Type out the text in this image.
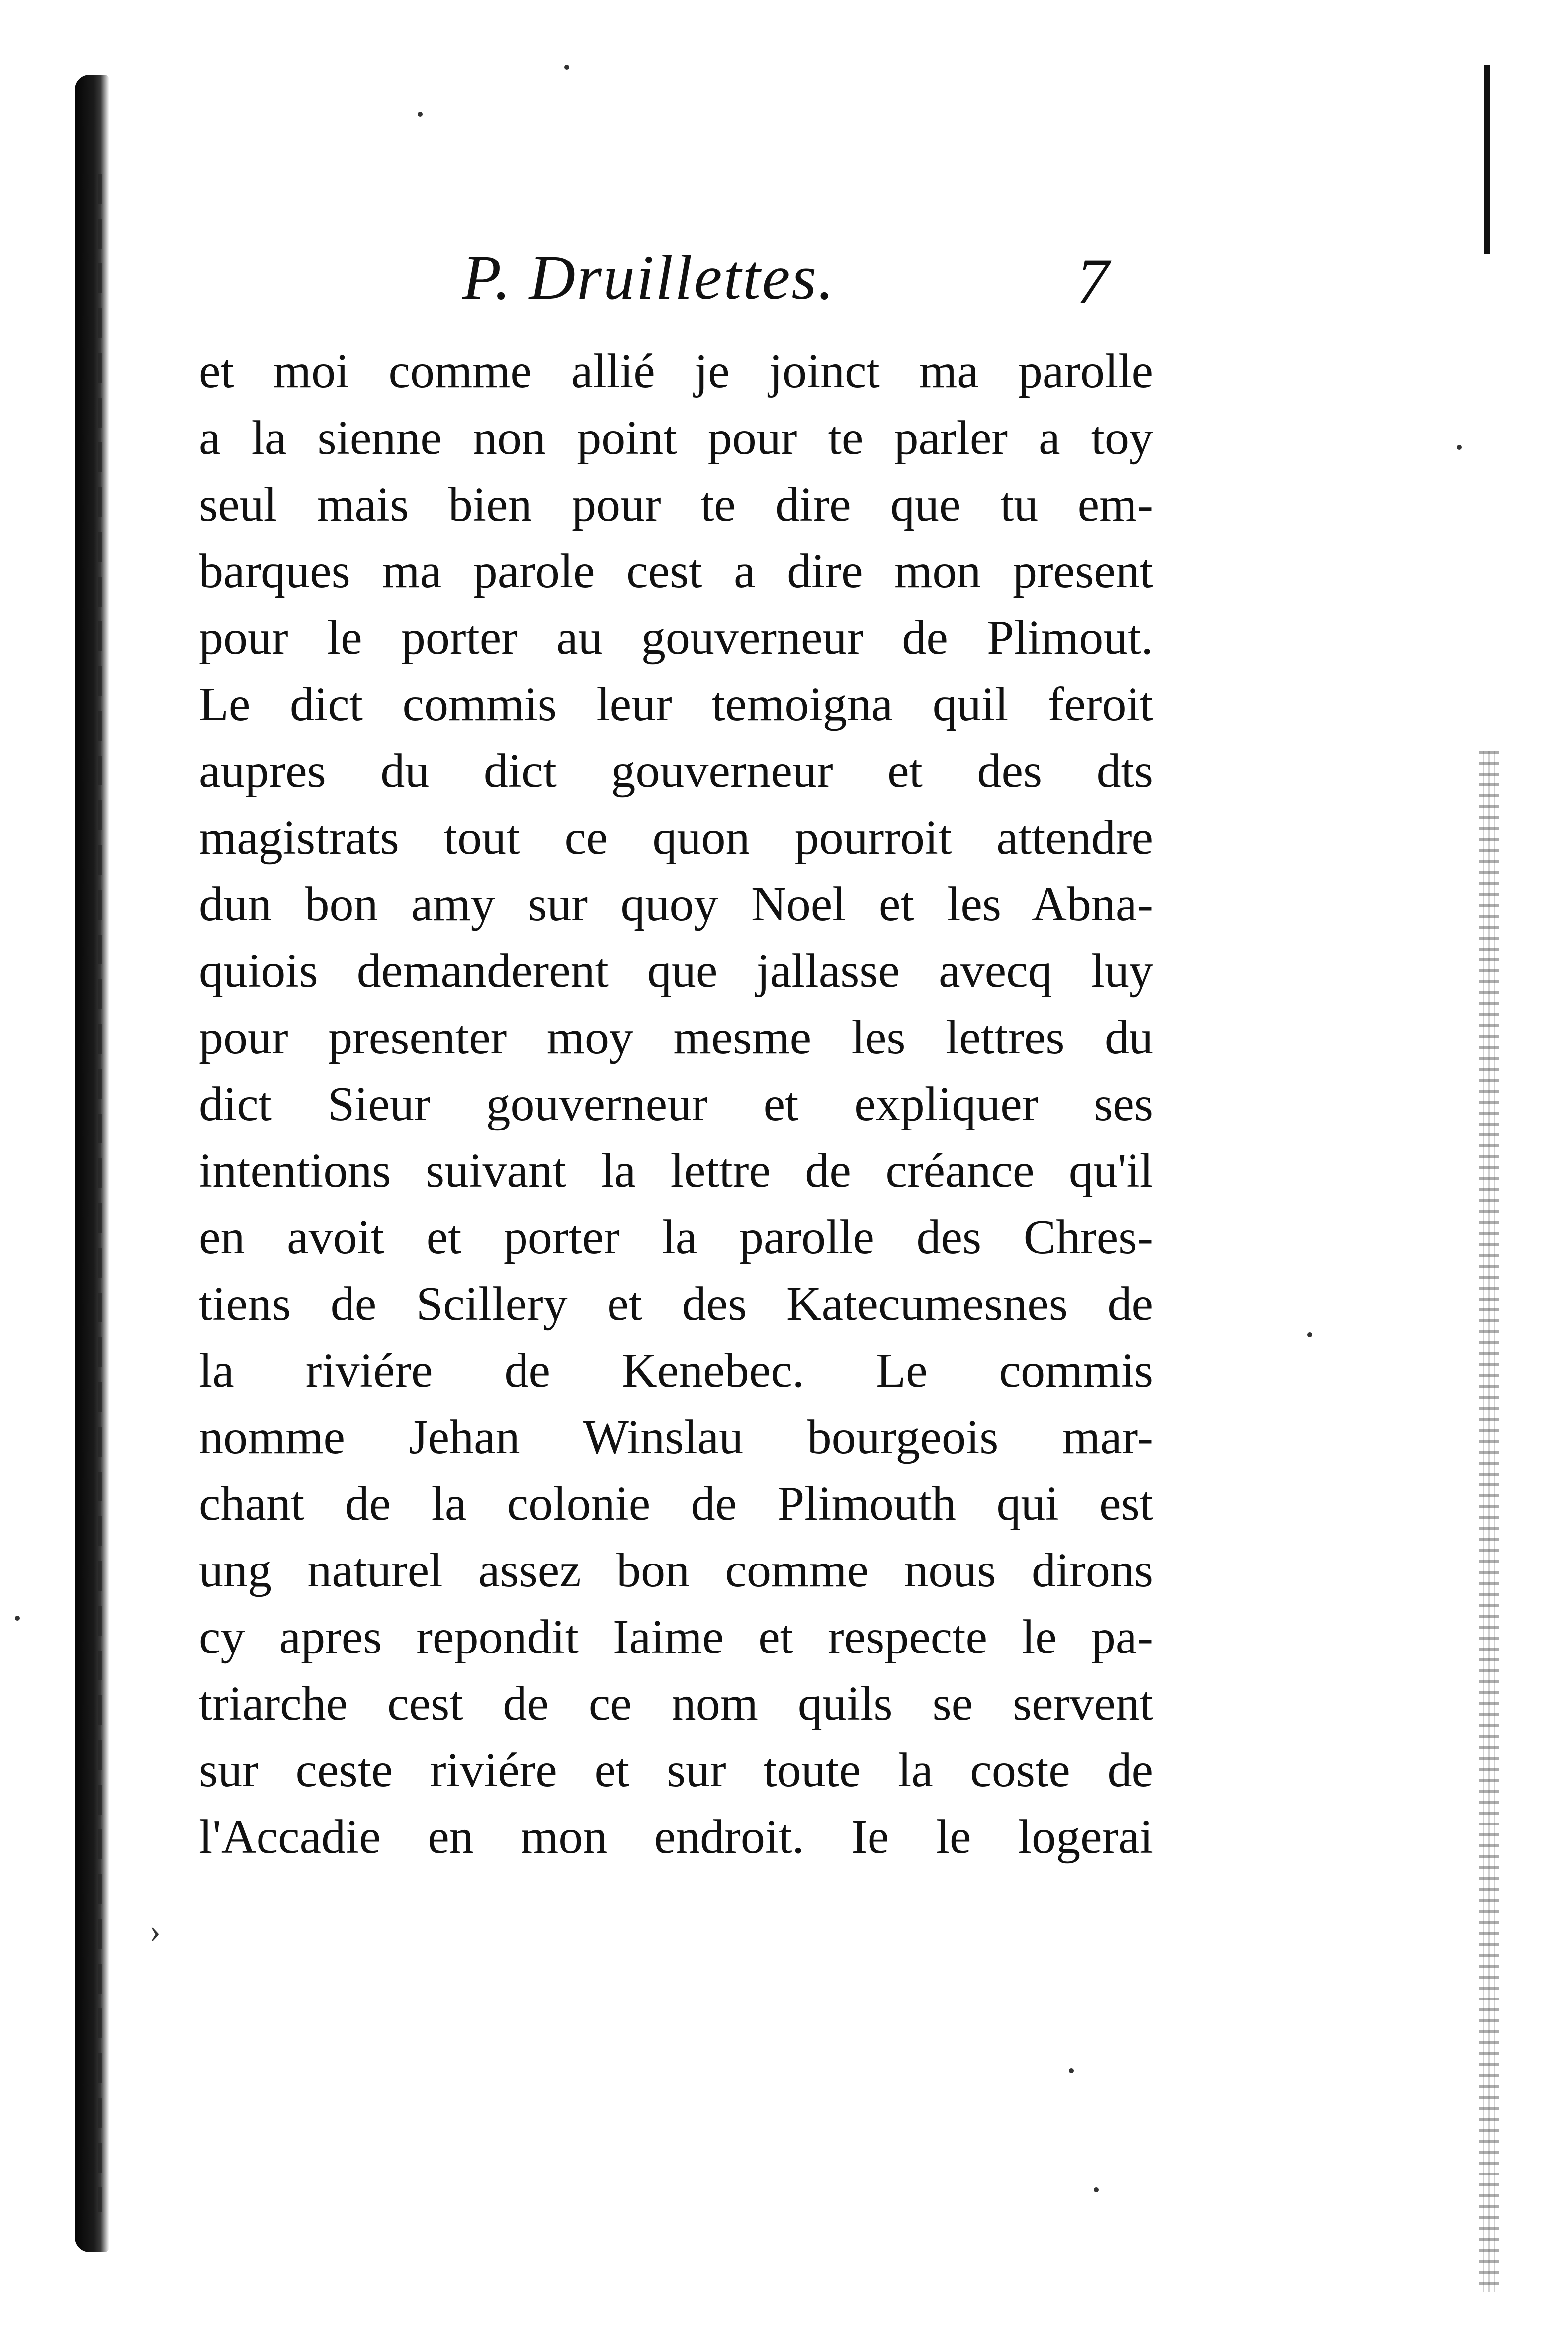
P. Druillettes.	7
et moi comme allié je joinct ma parolle
a la sienne non point pour te parler a toy
seul mais bien pour te dire que tu em-
barques ma parole cest a dire mon present
pour le porter au gouverneur de Plimout.
Le dict commis leur temoigna quil feroit
aupres du dict gouverneur et des dts
magistrats tout ce quon pourroit attendre
dun bon amy sur quoy Noel et les Abna-
quiois demanderent que jallasse avecq luy
pour presenter moy mesme les lettres du
dict Sieur gouverneur et expliquer ses
intentions suivant la lettre de créance qu'il
en avoit et porter la parolle des Chres-
tiens de Scillery et des Katecumesnes de
la riviére de Kenebec. Le commis
nomme Jehan Winslau bourgeois mar-
chant de la colonie de Plimouth qui est
ung naturel assez bon comme nous dirons
cy apres repondit Iaime et respecte le pa-
triarche cest de ce nom quils se servent
sur ceste riviére et sur toute la coste de
l'Accadie en mon endroit. Ie le logerai
›
